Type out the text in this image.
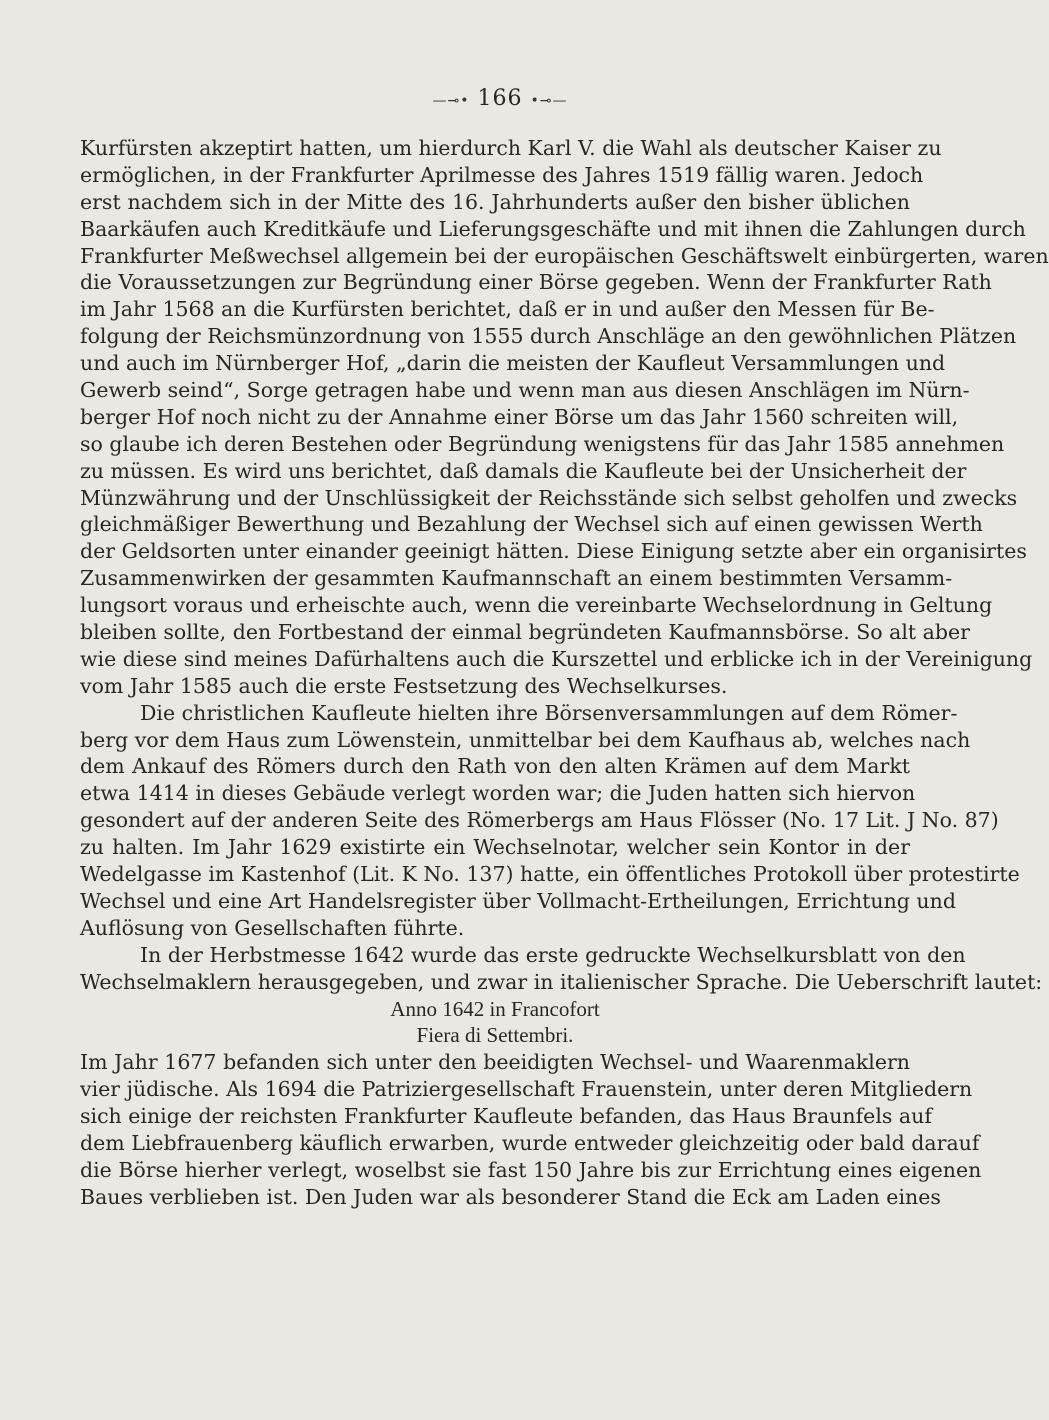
—⊸• 166 •⊸—
Kurfürsten akzeptirt hatten, um hierdurch Karl V. die Wahl als deutscher Kaiser zu
ermöglichen, in der Frankfurter Aprilmesse des Jahres 1519 fällig waren. Jedoch
erst nachdem sich in der Mitte des 16. Jahrhunderts außer den bisher üblichen
Baarkäufen auch Kreditkäufe und Lieferungsgeschäfte und mit ihnen die Zahlungen durch
Frankfurter Meßwechsel allgemein bei der europäischen Geschäftswelt einbürgerten, waren
die Voraussetzungen zur Begründung einer Börse gegeben. Wenn der Frankfurter Rath
im Jahr 1568 an die Kurfürsten berichtet, daß er in und außer den Messen für Be-
folgung der Reichsmünzordnung von 1555 durch Anschläge an den gewöhnlichen Plätzen
und auch im Nürnberger Hof, „darin die meisten der Kaufleut Versammlungen und
Gewerb seind“, Sorge getragen habe und wenn man aus diesen Anschlägen im Nürn-
berger Hof noch nicht zu der Annahme einer Börse um das Jahr 1560 schreiten will,
so glaube ich deren Bestehen oder Begründung wenigstens für das Jahr 1585 annehmen
zu müssen. Es wird uns berichtet, daß damals die Kaufleute bei der Unsicherheit der
Münzwährung und der Unschlüssigkeit der Reichsstände sich selbst geholfen und zwecks
gleichmäßiger Bewerthung und Bezahlung der Wechsel sich auf einen gewissen Werth
der Geldsorten unter einander geeinigt hätten. Diese Einigung setzte aber ein organisirtes
Zusammenwirken der gesammten Kaufmannschaft an einem bestimmten Versamm-
lungsort voraus und erheischte auch, wenn die vereinbarte Wechselordnung in Geltung
bleiben sollte, den Fortbestand der einmal begründeten Kaufmannsbörse. So alt aber
wie diese sind meines Dafürhaltens auch die Kurszettel und erblicke ich in der Vereinigung
vom Jahr 1585 auch die erste Festsetzung des Wechselkurses.
Die christlichen Kaufleute hielten ihre Börsenversammlungen auf dem Römer-
berg vor dem Haus zum Löwenstein, unmittelbar bei dem Kaufhaus ab, welches nach
dem Ankauf des Römers durch den Rath von den alten Krämen auf dem Markt
etwa 1414 in dieses Gebäude verlegt worden war; die Juden hatten sich hiervon
gesondert auf der anderen Seite des Römerbergs am Haus Flösser (No. 17 Lit. J No. 87)
zu halten. Im Jahr 1629 existirte ein Wechselnotar, welcher sein Kontor in der
Wedelgasse im Kastenhof (Lit. K No. 137) hatte, ein öffentliches Protokoll über protestirte
Wechsel und eine Art Handelsregister über Vollmacht-Ertheilungen, Errichtung und
Auflösung von Gesellschaften führte.
In der Herbstmesse 1642 wurde das erste gedruckte Wechselkursblatt von den
Wechselmaklern herausgegeben, und zwar in italienischer Sprache. Die Ueberschrift lautet:
Anno 1642 in Francofort
Fiera di Settembri.
Im Jahr 1677 befanden sich unter den beeidigten Wechsel- und Waarenmaklern
vier jüdische. Als 1694 die Patriziergesellschaft Frauenstein, unter deren Mitgliedern
sich einige der reichsten Frankfurter Kaufleute befanden, das Haus Braunfels auf
dem Liebfrauenberg käuflich erwarben, wurde entweder gleichzeitig oder bald darauf
die Börse hierher verlegt, woselbst sie fast 150 Jahre bis zur Errichtung eines eigenen
Baues verblieben ist. Den Juden war als besonderer Stand die Eck am Laden eines
